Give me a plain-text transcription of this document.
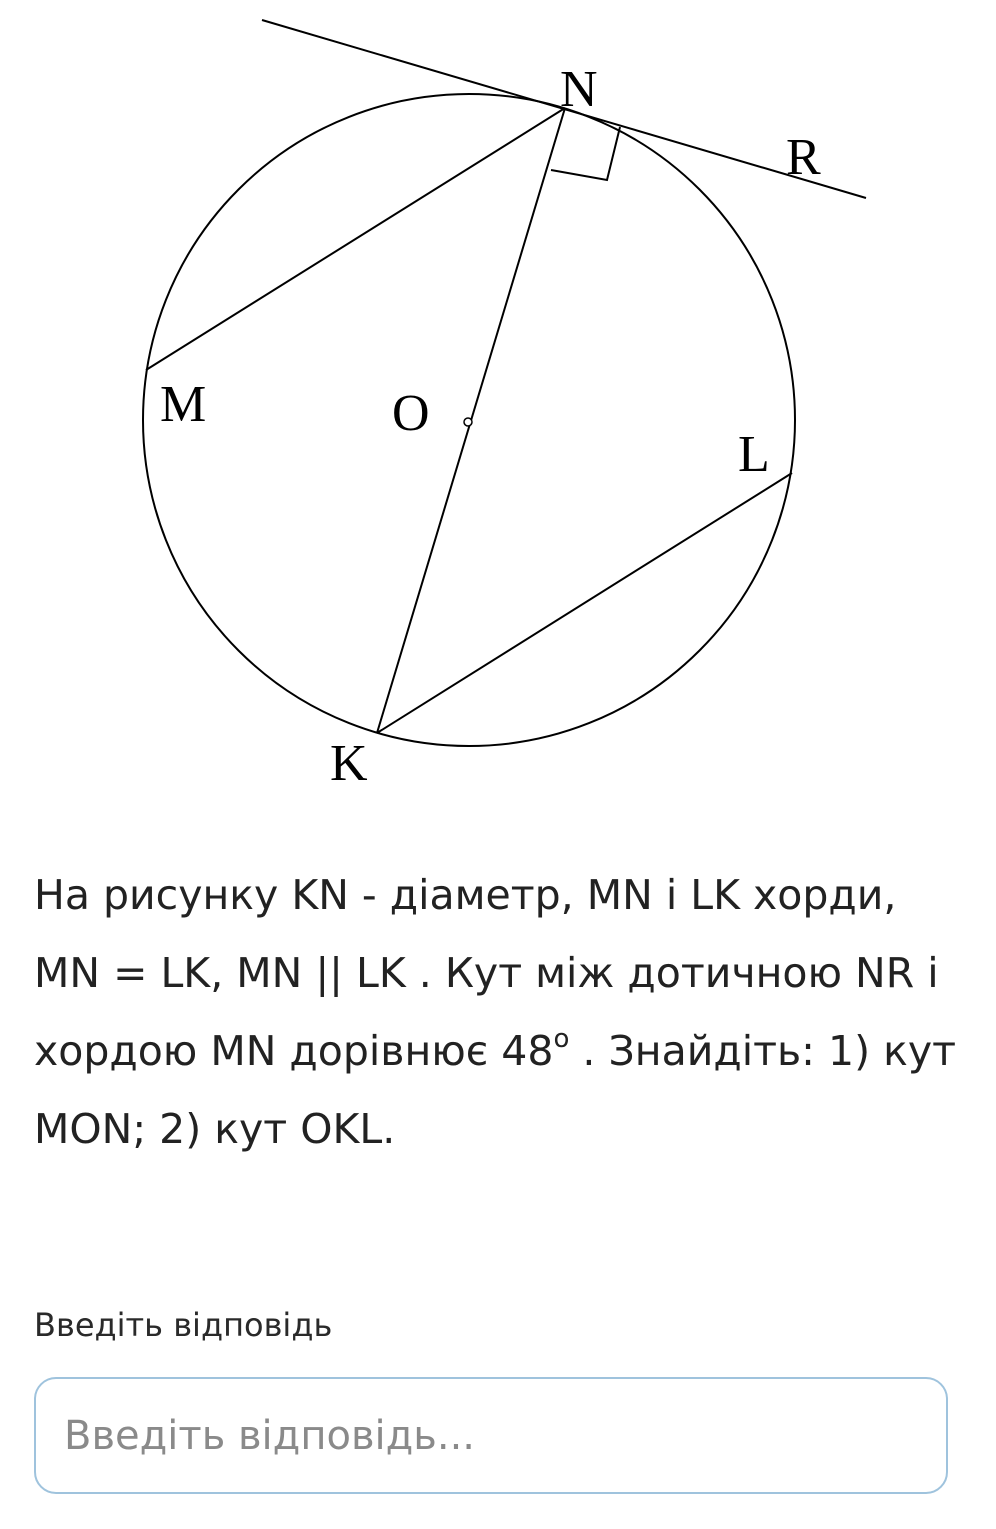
N
R
M	O
L
K
На рисунку KN - діаметр, MN і LK хорди, MN = LK, MN || LK . Кут між дотичною NR і хордою MN дорівнює $48^о$ . Знайдіть: 1) кут MON; 2) кут OKL.
Введіть відповідь
Введіть відповідь...
